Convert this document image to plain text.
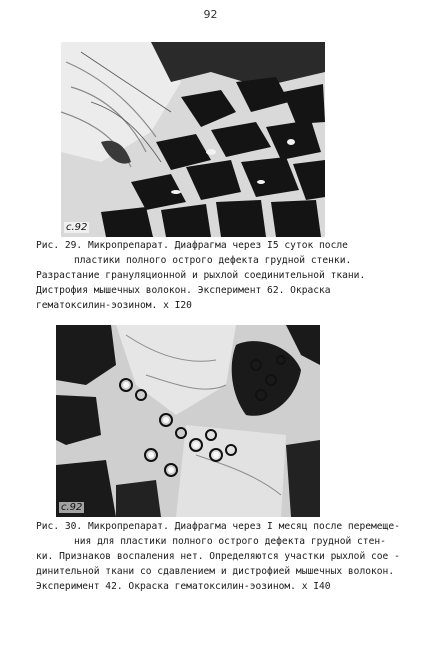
92
с.92
Рис. 29. Микропрепарат. Диафрагма через I5 суток после
пластики полного острого дефекта грудной стенки.
Разрастание грануляционной и рыхлой соединительной ткани.
Дистрофия мышечных волокон. Эксперимент 62. Окраска
гематоксилин-эозином. х I20
с.92
Рис. 30. Микропрепарат. Диафрагма через I месяц после перемеще-
ния для пластики полного острого дефекта грудной стен-
ки. Признаков воспаления нет. Определяются участки рыхлой сое -
динительной ткани со сдавлением и дистрофией мышечных волокон.
Эксперимент 42. Окраска гематоксилин-эозином. х I40
